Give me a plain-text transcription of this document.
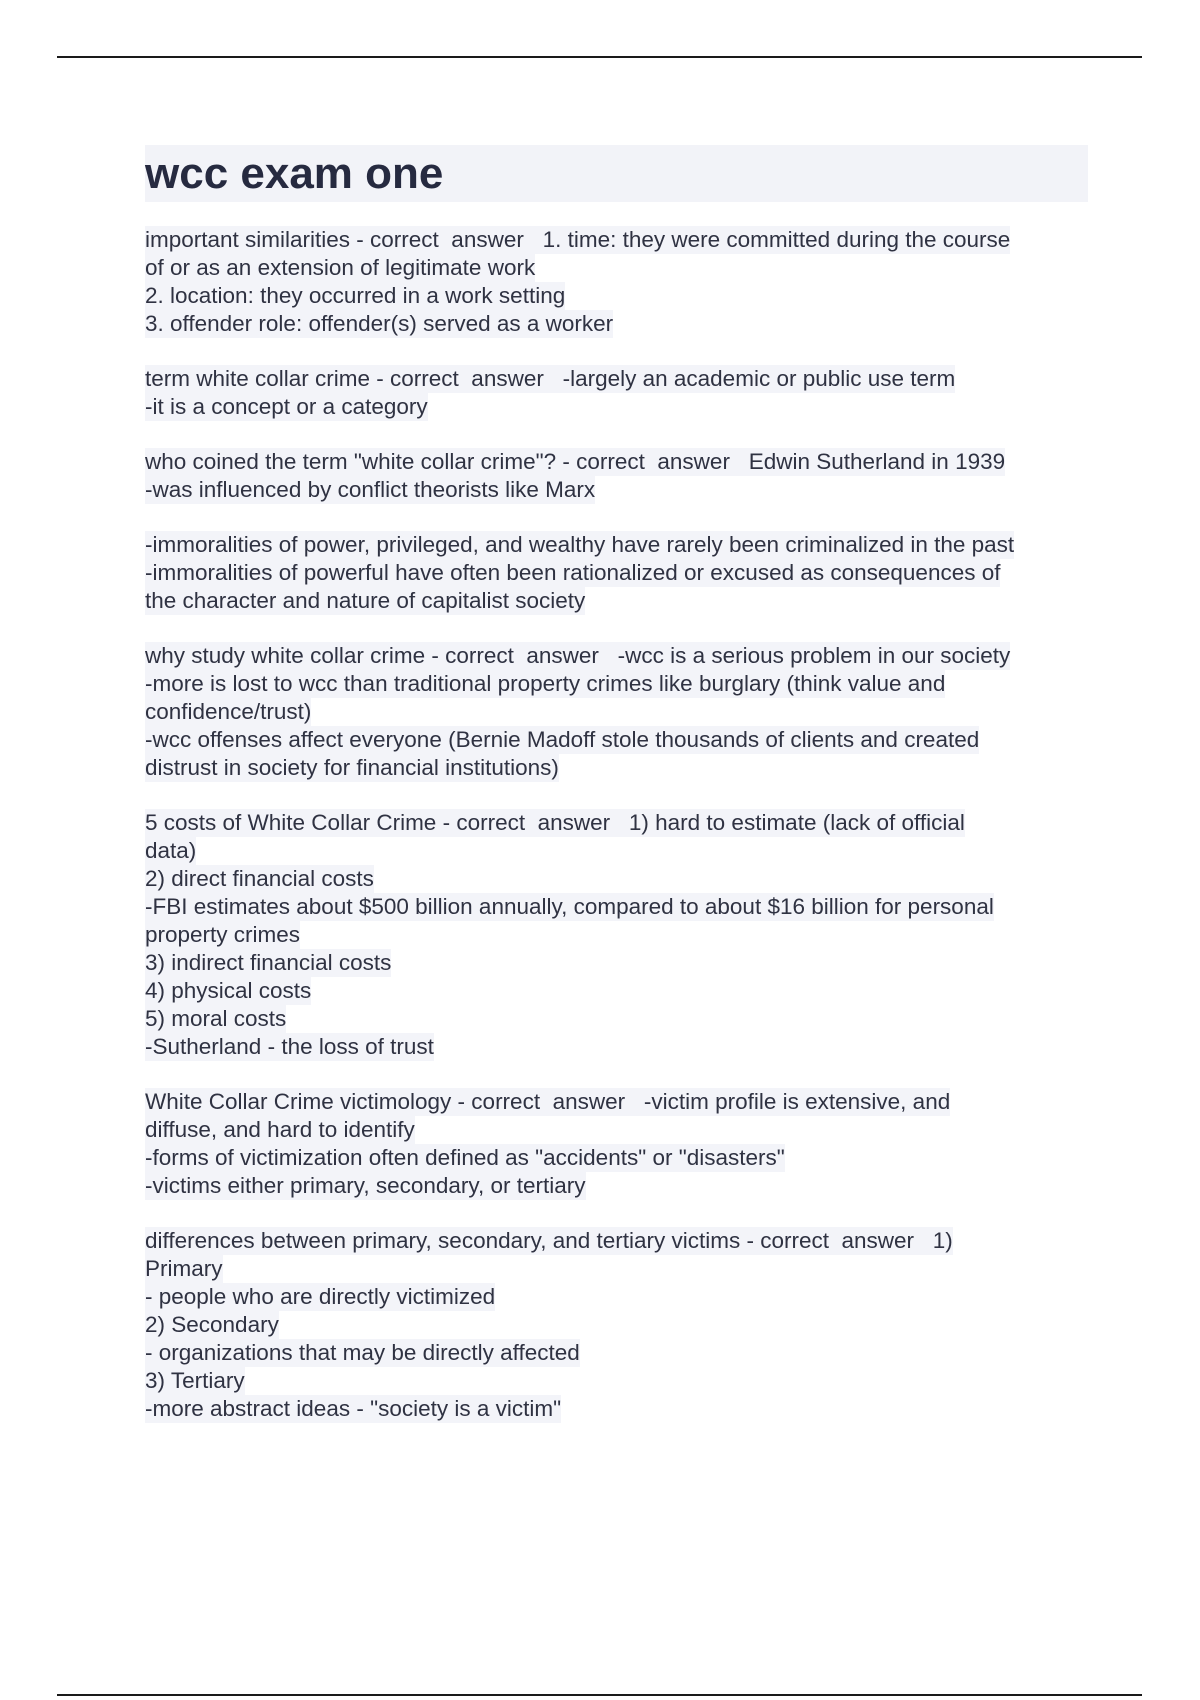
wcc exam one
important similarities - correct  answer   1. time: they were committed during the course
of or as an extension of legitimate work
2. location: they occurred in a work setting
3. offender role: offender(s) served as a worker
term white collar crime - correct  answer   -largely an academic or public use term
-it is a concept or a category
who coined the term "white collar crime"? - correct  answer   Edwin Sutherland in 1939
-was influenced by conflict theorists like Marx
-immoralities of power, privileged, and wealthy have rarely been criminalized in the past
-immoralities of powerful have often been rationalized or excused as consequences of
the character and nature of capitalist society
why study white collar crime - correct  answer   -wcc is a serious problem in our society
-more is lost to wcc than traditional property crimes like burglary (think value and
confidence/trust)
-wcc offenses affect everyone (Bernie Madoff stole thousands of clients and created
distrust in society for financial institutions)
5 costs of White Collar Crime - correct  answer   1) hard to estimate (lack of official
data)
2) direct financial costs
-FBI estimates about $500 billion annually, compared to about $16 billion for personal
property crimes
3) indirect financial costs
4) physical costs
5) moral costs
-Sutherland - the loss of trust
White Collar Crime victimology - correct  answer   -victim profile is extensive, and
diffuse, and hard to identify
-forms of victimization often defined as "accidents" or "disasters"
-victims either primary, secondary, or tertiary
differences between primary, secondary, and tertiary victims - correct  answer   1)
Primary
- people who are directly victimized
2) Secondary
- organizations that may be directly affected
3) Tertiary
-more abstract ideas - "society is a victim"
